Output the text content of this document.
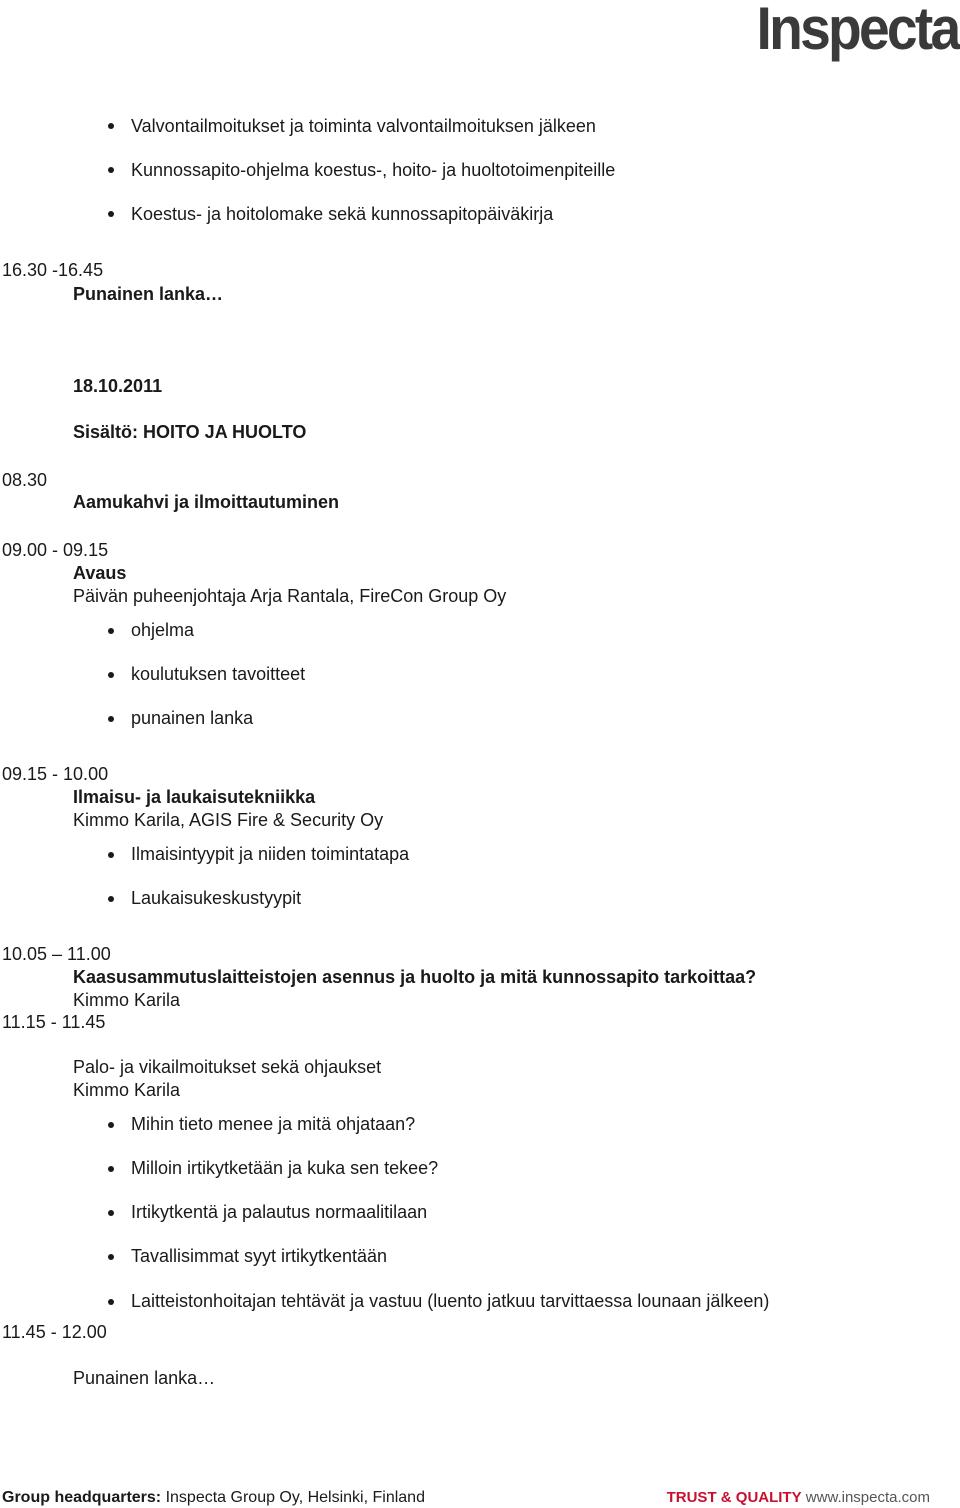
Inspecta
Valvontailmoitukset ja toiminta valvontailmoituksen jälkeen
Kunnossapito-ohjelma koestus-, hoito- ja huoltotoimenpiteille
Koestus- ja hoitolomake sekä kunnossapitopäiväkirja
16.30 -16.45
Punainen lanka…
18.10.2011
Sisältö: HOITO JA HUOLTO
08.30
Aamukahvi ja ilmoittautuminen
09.00 - 09.15
Avaus
Päivän puheenjohtaja Arja Rantala, FireCon Group Oy
ohjelma
koulutuksen tavoitteet
punainen lanka
09.15 - 10.00
Ilmaisu- ja laukaisutekniikka
Kimmo Karila, AGIS Fire & Security Oy
Ilmaisintyypit ja niiden toimintatapa
Laukaisukeskustyypit
10.05 – 11.00
Kaasusammutuslaitteistojen asennus ja huolto ja mitä kunnossapito tarkoittaa?
Kimmo Karila
11.15 - 11.45
Palo- ja vikailmoitukset sekä ohjaukset
Kimmo Karila
Mihin tieto menee ja mitä ohjataan?
Milloin irtikytketään ja kuka sen tekee?
Irtikytkentä ja palautus normaalitilaan
Tavallisimmat syyt irtikytkentään
Laitteistonhoitajan tehtävät ja vastuu (luento jatkuu tarvittaessa lounaan jälkeen)
11.45 - 12.00
Punainen lanka…
Group headquarters: Inspecta Group Oy, Helsinki, Finland	TRUST & QUALITY www.inspecta.com
